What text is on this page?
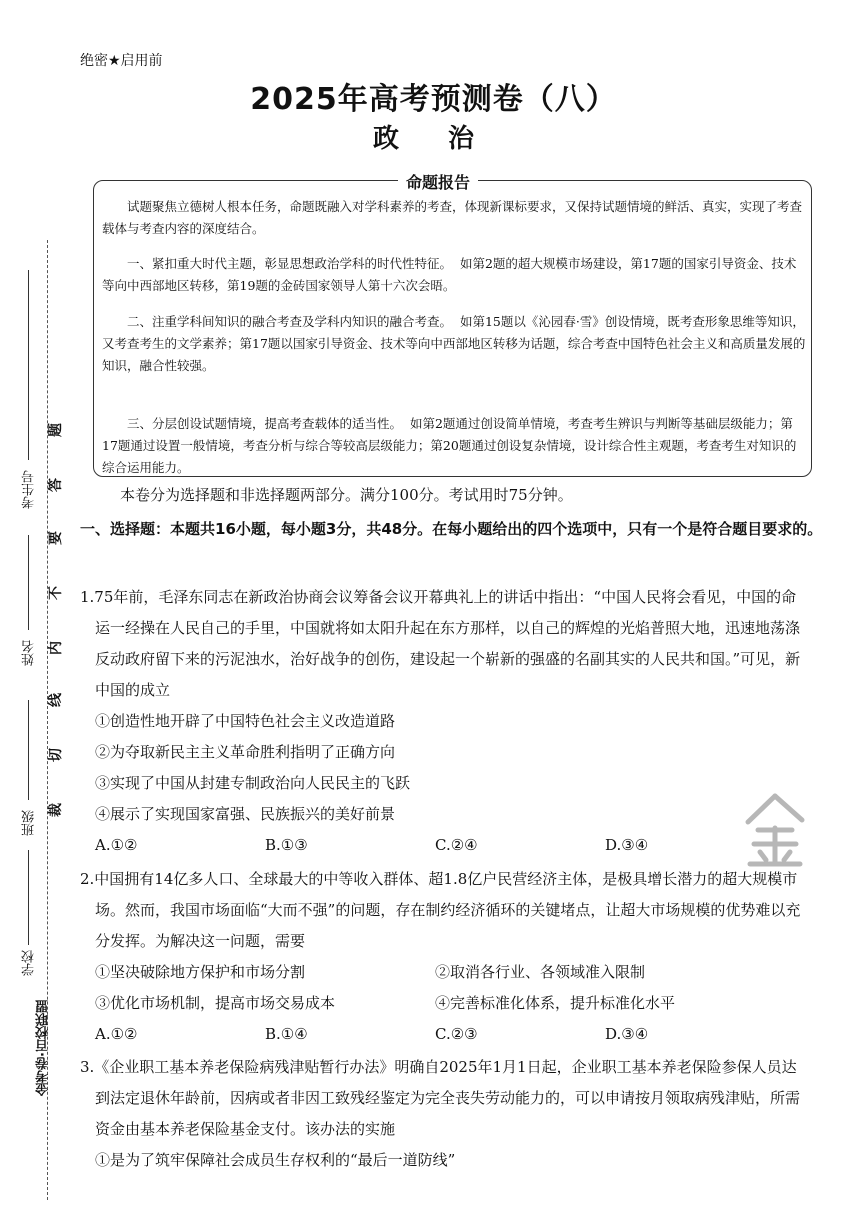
绝密★启用前
2025年高考预测卷（八）
政 治
命题报告
试题聚焦立德树人根本任务，命题既融入对学科素养的考查，体现新课标要求，又保持试题情境的鲜活、真实，实现了考查载体与考查内容的深度结合。
一、紧扣重大时代主题，彰显思想政治学科的时代性特征。 如第2题的超大规模市场建设，第17题的国家引导资金、技术等向中西部地区转移，第19题的金砖国家领导人第十六次会晤。
二、注重学科间知识的融合考查及学科内知识的融合考查。 如第15题以《沁园春·雪》创设情境，既考查形象思维等知识，又考查考生的文学素养；第17题以国家引导资金、技术等向中西部地区转移为话题，综合考查中国特色社会主义和高质量发展的知识，融合性较强。
三、分层创设试题情境，提高考查载体的适当性。 如第2题通过创设简单情境，考查考生辨识与判断等基础层级能力；第17题通过设置一般情境，考查分析与综合等较高层级能力；第20题通过创设复杂情境，设计综合性主观题，考查考生对知识的综合运用能力。
本卷分为选择题和非选择题两部分。满分100分。考试用时75分钟。
一、选择题：本题共16小题，每小题3分，共48分。在每小题给出的四个选项中，只有一个是符合题目要求的。
1.75年前，毛泽东同志在新政治协商会议筹备会议开幕典礼上的讲话中指出：“中国人民将会看见，中国的命运一经操在人民自己的手里，中国就将如太阳升起在东方那样，以自己的辉煌的光焰普照大地，迅速地荡涤反动政府留下来的污泥浊水，治好战争的创伤，建设起一个崭新的强盛的名副其实的人民共和国。”可见，新中国的成立
①创造性地开辟了中国特色社会主义改造道路
②为夺取新民主主义革命胜利指明了正确方向
③实现了中国从封建专制政治向人民民主的飞跃
④展示了实现国家富强、民族振兴的美好前景
A.①②	B.①③	C.②④	D.③④
2.中国拥有14亿多人口、全球最大的中等收入群体、超1.8亿户民营经济主体，是极具增长潜力的超大规模市场。然而，我国市场面临“大而不强”的问题，存在制约经济循环的关键堵点，让超大市场规模的优势难以充分发挥。为解决这一问题，需要
①坚决破除地方保护和市场分割	②取消各行业、各领域准入限制
③优化市场机制，提高市场交易成本	④完善标准化体系，提升标准化水平
A.①②	B.①④	C.②③	D.③④
3.《企业职工基本养老保险病残津贴暂行办法》明确自2025年1月1日起，企业职工基本养老保险参保人员达到法定退休年龄前，因病或者非因工致残经鉴定为完全丧失劳动能力的，可以申请按月领取病残津贴，所需资金由基本养老保险基金支付。该办法的实施
①是为了筑牢保障社会成员生存权利的“最后一道防线”
考生号
姓名
班级
学校
金考卷·百校联盟
题
答
要
不
内
线
切
裁
